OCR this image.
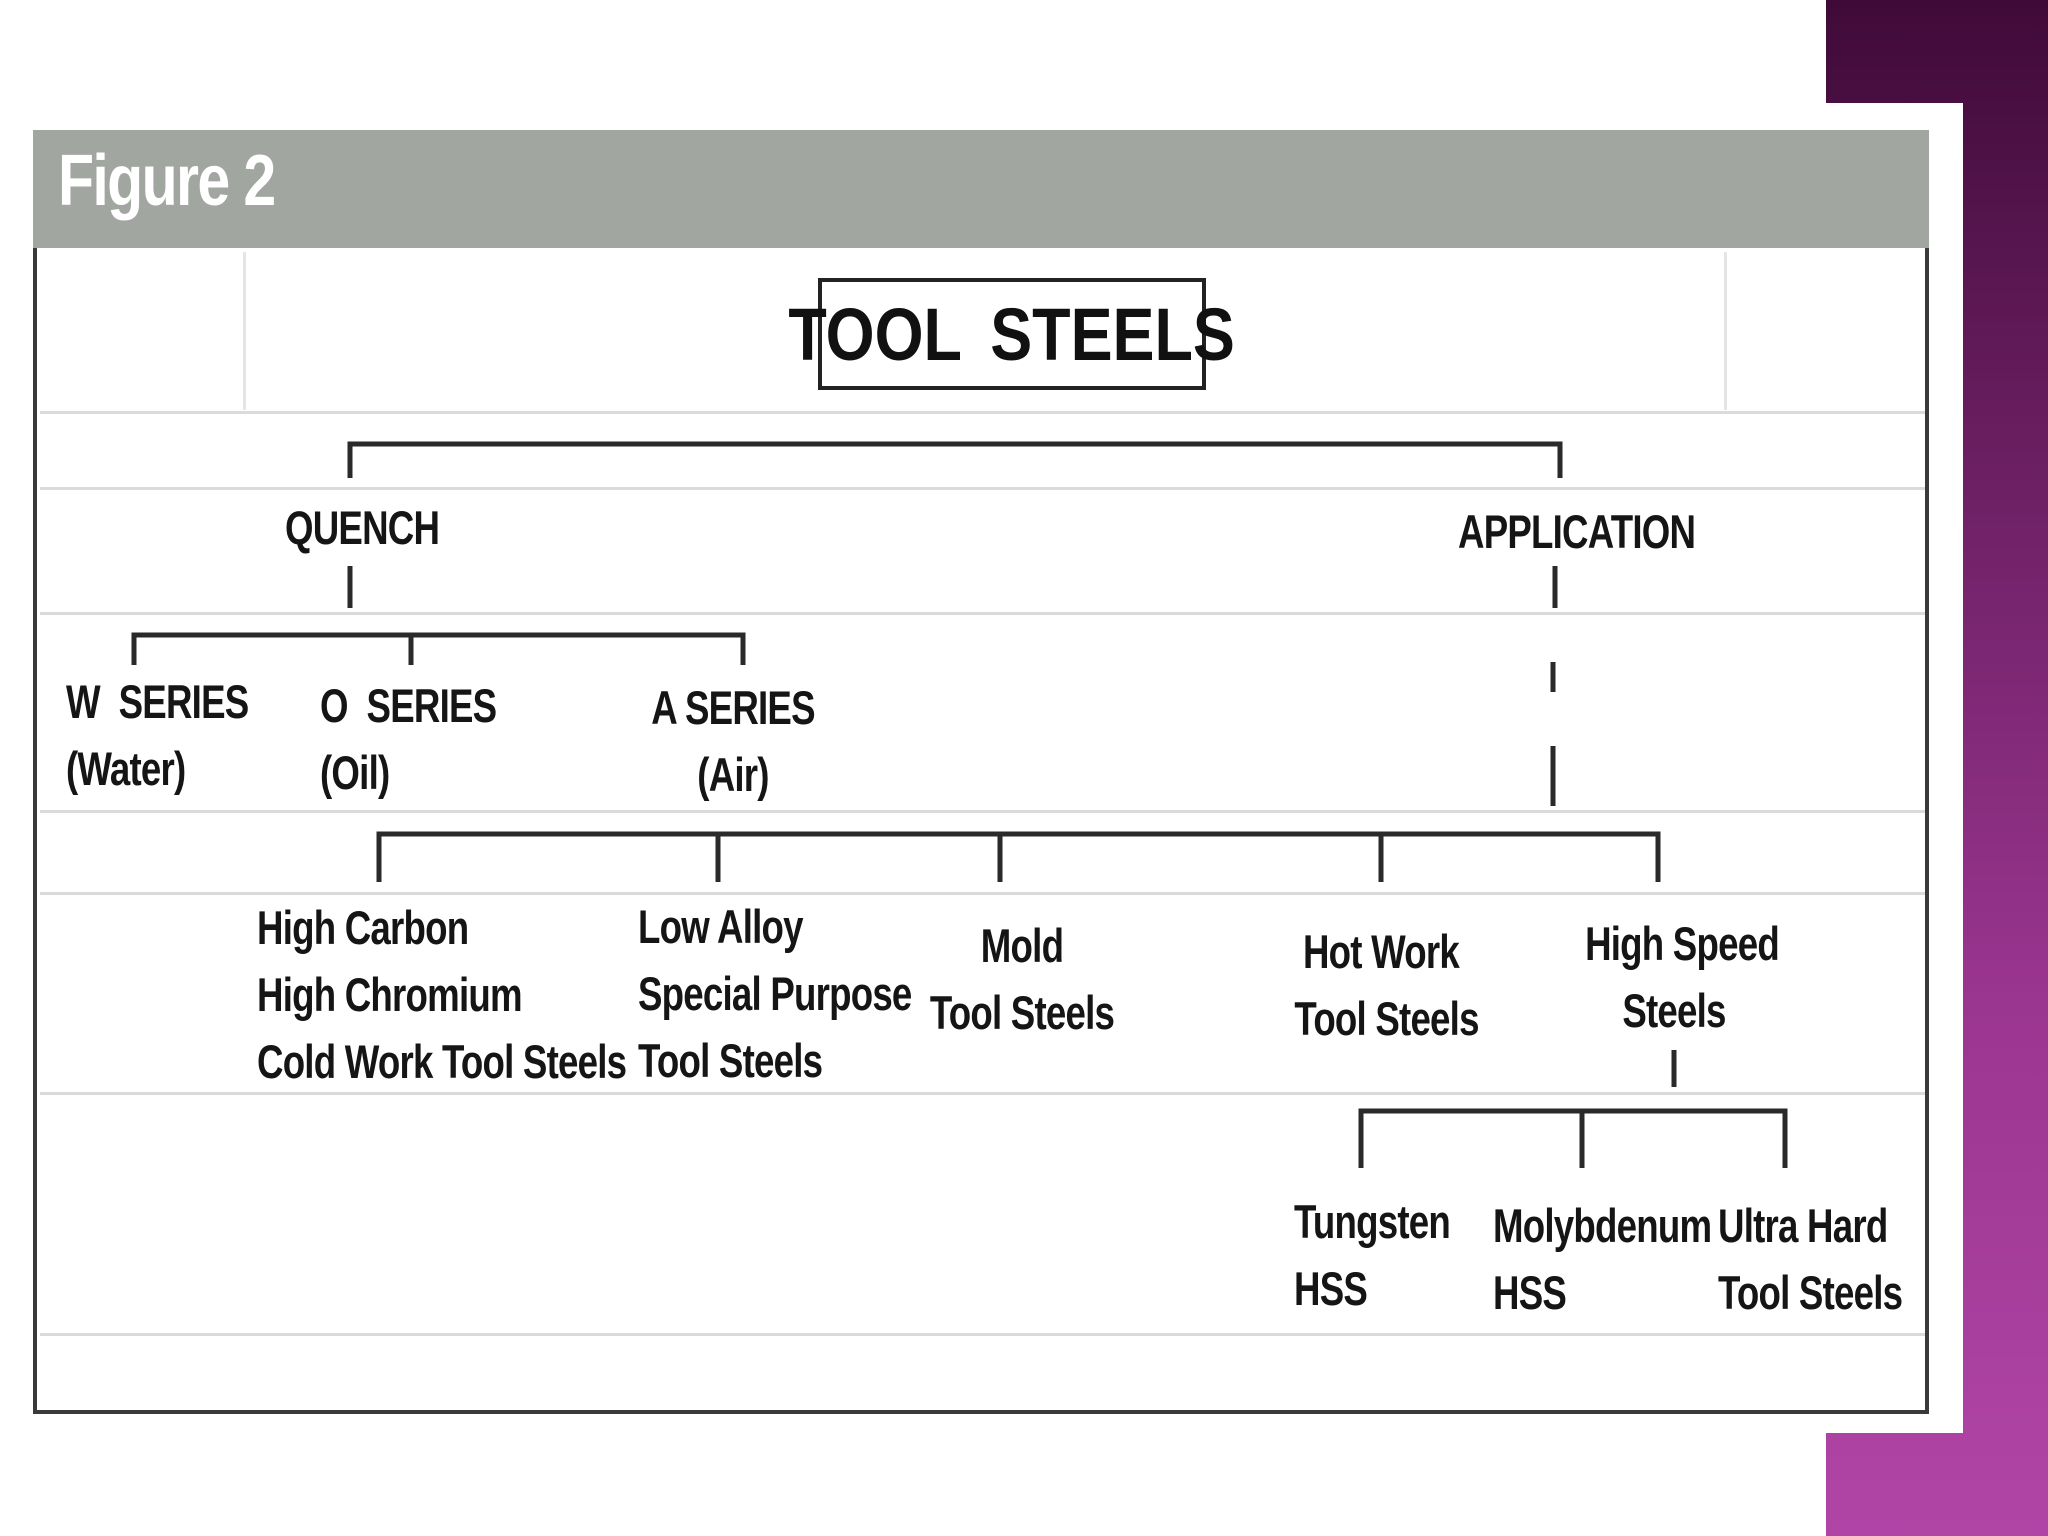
Figure 2
TOOL STEELS
QUENCH	APPLICATION
W  SERIES
(Water)
O  SERIES
(Oil)
A SERIES
(Air)
High Carbon
High Chromium
Cold Work Tool Steels
Low Alloy
Special Purpose
Tool Steels
Mold
Tool Steels
Hot Work
Tool Steels
High Speed
Steels
Tungsten
HSS
Molybdenum
HSS
Ultra Hard
Tool Steels
